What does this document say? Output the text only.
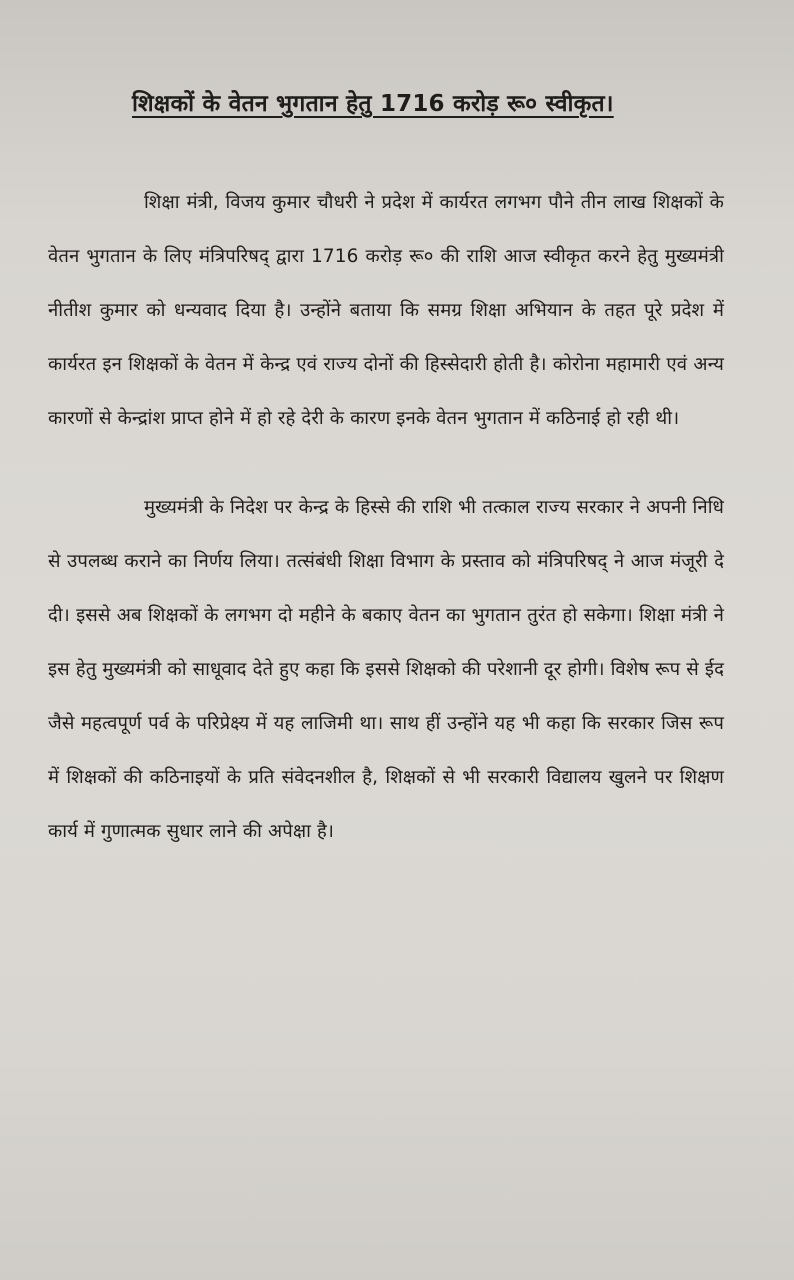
शिक्षकों के वेतन भुगतान हेतु 1716 करोड़ रू० स्वीकृत।

शिक्षा मंत्री, विजय कुमार चौधरी ने प्रदेश में कार्यरत लगभग पौने तीन लाख शिक्षकों के वेतन भुगतान के लिए मंत्रिपरिषद् द्वारा 1716 करोड़ रू० की राशि आज स्वीकृत करने हेतु मुख्यमंत्री नीतीश कुमार को धन्यवाद दिया है। उन्होंने बताया कि समग्र शिक्षा अभियान के तहत पूरे प्रदेश में कार्यरत इन शिक्षकों के वेतन में केन्द्र एवं राज्य दोनों की हिस्सेदारी होती है। कोरोना महामारी एवं अन्य कारणों से केन्द्रांश प्राप्त होने में हो रहे देरी के कारण इनके वेतन भुगतान में कठिनाई हो रही थी।

मुख्यमंत्री के निदेश पर केन्द्र के हिस्से की राशि भी तत्काल राज्य सरकार ने अपनी निधि से उपलब्ध कराने का निर्णय लिया। तत्संबंधी शिक्षा विभाग के प्रस्ताव को मंत्रिपरिषद् ने आज मंजूरी दे दी। इससे अब शिक्षकों के लगभग दो महीने के बकाए वेतन का भुगतान तुरंत हो सकेगा। शिक्षा मंत्री ने इस हेतु मुख्यमंत्री को साधूवाद देते हुए कहा कि इससे शिक्षको की परेशानी दूर होगी। विशेष रूप से ईद जैसे महत्वपूर्ण पर्व के परिप्रेक्ष्य में यह लाजिमी था। साथ हीं उन्होंने यह भी कहा कि सरकार जिस रूप में शिक्षकों की कठिनाइयों के प्रति संवेदनशील है, शिक्षकों से भी सरकारी विद्यालय खुलने पर शिक्षण कार्य में गुणात्मक सुधार लाने की अपेक्षा है।
